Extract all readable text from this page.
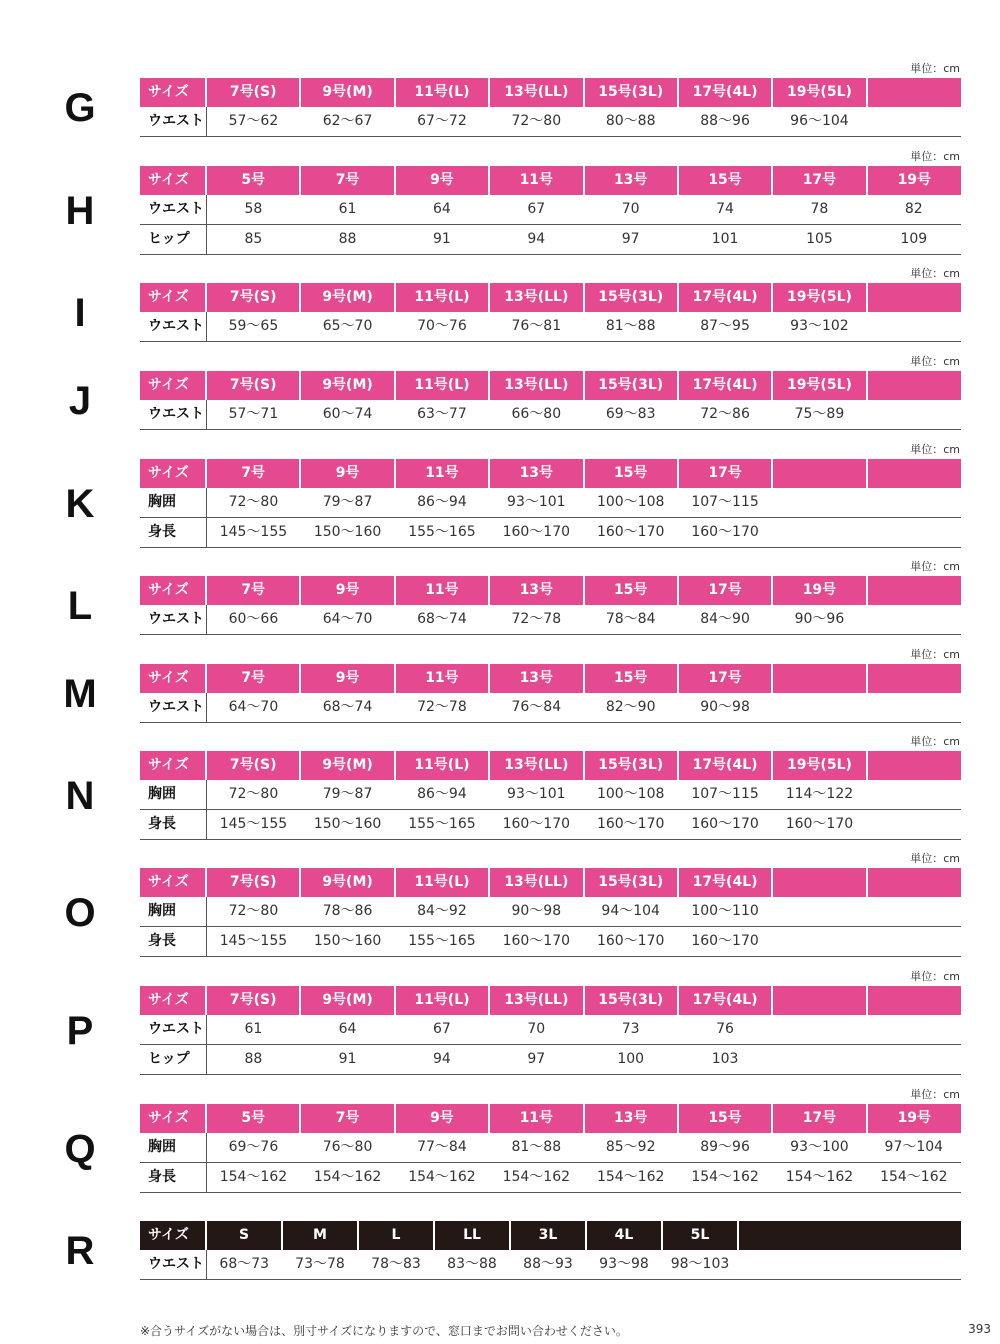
G
単位：cm
サイズ	7号(S)	9号(M)	11号(L)	13号(LL)	15号(3L)	17号(4L)	19号(5L)	
ウエスト	57〜62	62〜67	67〜72	72〜80	80〜88	88〜96	96〜104	
H
単位：cm
サイズ	5号	7号	9号	11号	13号	15号	17号	19号
ウエスト	58	61	64	67	70	74	78	82
ヒップ	85	88	91	94	97	101	105	109
I
単位：cm
サイズ	7号(S)	9号(M)	11号(L)	13号(LL)	15号(3L)	17号(4L)	19号(5L)	
ウエスト	59〜65	65〜70	70〜76	76〜81	81〜88	87〜95	93〜102	
J
単位：cm
サイズ	7号(S)	9号(M)	11号(L)	13号(LL)	15号(3L)	17号(4L)	19号(5L)	
ウエスト	57〜71	60〜74	63〜77	66〜80	69〜83	72〜86	75〜89	
K
単位：cm
サイズ	7号	9号	11号	13号	15号	17号		
胸囲	72〜80	79〜87	86〜94	93〜101	100〜108	107〜115		
身長	145〜155	150〜160	155〜165	160〜170	160〜170	160〜170		
L
単位：cm
サイズ	7号	9号	11号	13号	15号	17号	19号	
ウエスト	60〜66	64〜70	68〜74	72〜78	78〜84	84〜90	90〜96	
M
単位：cm
サイズ	7号	9号	11号	13号	15号	17号		
ウエスト	64〜70	68〜74	72〜78	76〜84	82〜90	90〜98		
N
単位：cm
サイズ	7号(S)	9号(M)	11号(L)	13号(LL)	15号(3L)	17号(4L)	19号(5L)	
胸囲	72〜80	79〜87	86〜94	93〜101	100〜108	107〜115	114〜122	
身長	145〜155	150〜160	155〜165	160〜170	160〜170	160〜170	160〜170	
O
単位：cm
サイズ	7号(S)	9号(M)	11号(L)	13号(LL)	15号(3L)	17号(4L)		
胸囲	72〜80	78〜86	84〜92	90〜98	94〜104	100〜110		
身長	145〜155	150〜160	155〜165	160〜170	160〜170	160〜170		
P
単位：cm
サイズ	7号(S)	9号(M)	11号(L)	13号(LL)	15号(3L)	17号(4L)		
ウエスト	61	64	67	70	73	76		
ヒップ	88	91	94	97	100	103		
Q
単位：cm
サイズ	5号	7号	9号	11号	13号	15号	17号	19号
胸囲	69〜76	76〜80	77〜84	81〜88	85〜92	89〜96	93〜100	97〜104
身長	154〜162	154〜162	154〜162	154〜162	154〜162	154〜162	154〜162	154〜162
R	サイズ	S	M	L	LL	3L	4L	5L	
ウエスト	68〜73	73〜78	78〜83	83〜88	88〜93	93〜98	98〜103	
※合うサイズがない場合は、別寸サイズになりますので、窓口までお問い合わせください。	393
